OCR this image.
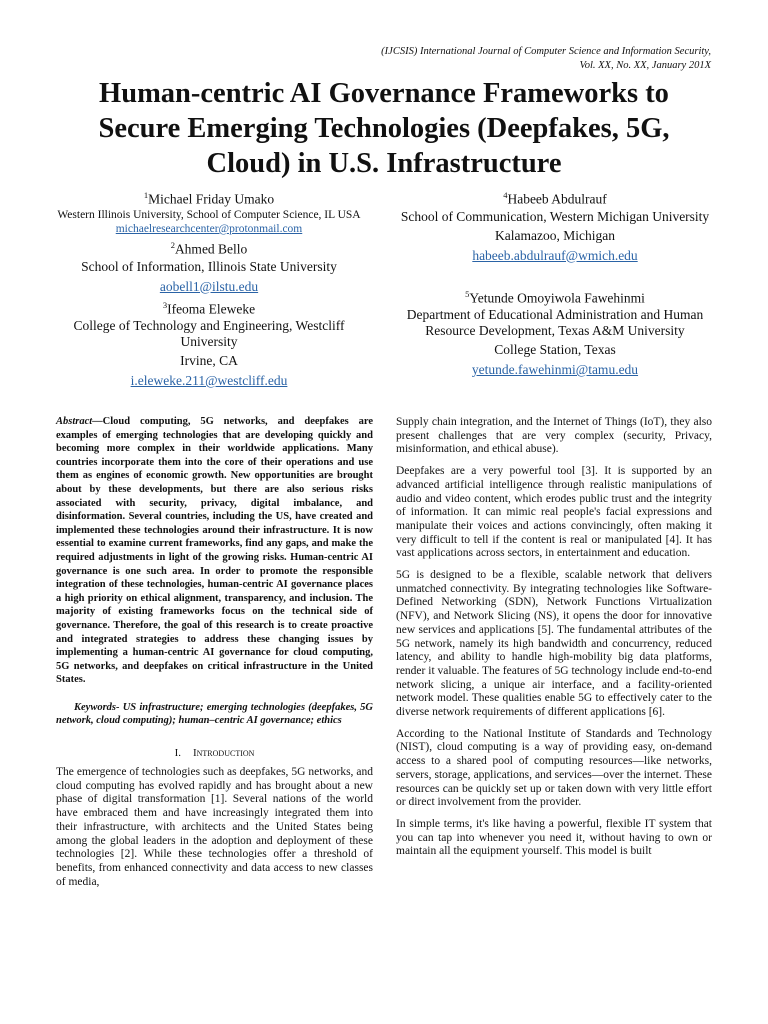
(IJCSIS) International Journal of Computer Science and Information Security,
Vol. XX, No. XX, January 201X
Human-centric AI Governance Frameworks to Secure Emerging Technologies (Deepfakes, 5G, Cloud) in U.S. Infrastructure
$^1$Michael Friday Umako
Western Illinois University, School of Computer Science, IL USA
michaelresearchcenter@protonmail.com
$^2$Ahmed Bello
School of Information, Illinois State University
aobell1@ilstu.edu
$^3$Ifeoma Eleweke
College of Technology and Engineering, Westcliff University
Irvine, CA
i.eleweke.211@westcliff.edu
$^4$Habeeb Abdulrauf
School of Communication, Western Michigan University
Kalamazoo, Michigan
habeeb.abdulrauf@wmich.edu
$^5$Yetunde Omoyiwola Fawehinmi
Department of Educational Administration and Human Resource Development, Texas A&M University
College Station, Texas
yetunde.fawehinmi@tamu.edu

Abstract—Cloud computing, 5G networks, and deepfakes are examples of emerging technologies that are developing quickly and becoming more complex in their worldwide applications. Many countries incorporate them into the core of their operations and use them as engines of economic growth. New opportunities are brought about by these developments, but there are also serious risks associated with security, privacy, digital imbalance, and disinformation. Several countries, including the US, have created and implemented these technologies around their infrastructure. It is now essential to examine current frameworks, find any gaps, and make the required adjustments in light of the growing risks. Human-centric AI governance is one such area. In order to promote the responsible integration of these technologies, human-centric AI governance places a high priority on ethical alignment, transparency, and inclusion. The majority of existing frameworks focus on the technical side of governance. Therefore, the goal of this research is to create proactive and integrated strategies to address these changing issues by implementing a human-centric AI governance for cloud computing, 5G networks, and deepfakes on critical infrastructure in the United States.

Keywords- US infrastructure; emerging technologies (deepfakes, 5G network, cloud computing); human–centric AI governance; ethics

I. Introduction

The emergence of technologies such as deepfakes, 5G networks, and cloud computing has evolved rapidly and has brought about a new phase of digital transformation [1]. Several nations of the world have embraced them and have increasingly integrated them into their infrastructure, with architects and the United States being among the global leaders in the adoption and deployment of these technologies [2]. While these technologies offer a threshold of benefits, from enhanced connectivity and data access to new classes of media,

Supply chain integration, and the Internet of Things (IoT), they also present challenges that are very complex (security, Privacy, misinformation, and ethical abuse).

Deepfakes are a very powerful tool [3]. It is supported by an advanced artificial intelligence through realistic manipulations of audio and video content, which erodes public trust and the integrity of information. It can mimic real people's facial expressions and manipulate their voices and actions convincingly, often making it very difficult to tell if the content is real or manipulated [4]. It has vast applications across sectors, in entertainment and education.

5G is designed to be a flexible, scalable network that delivers unmatched connectivity. By integrating technologies like Software-Defined Networking (SDN), Network Functions Virtualization (NFV), and Network Slicing (NS), it opens the door for innovative new services and applications [5]. The fundamental attributes of the 5G network, namely its high bandwidth and concurrency, reduced latency, and ability to handle high-mobility big data platforms, render it valuable. The features of 5G technology include end-to-end network slicing, a unique air interface, and a facility-oriented network model. These qualities enable 5G to effectively cater to the diverse network requirements of different applications [6].

According to the National Institute of Standards and Technology (NIST), cloud computing is a way of providing easy, on-demand access to a shared pool of computing resources—like networks, servers, storage, applications, and services—over the internet. These resources can be quickly set up or taken down with very little effort or direct involvement from the provider.

In simple terms, it's like having a powerful, flexible IT system that you can tap into whenever you need it, without having to own or maintain all the equipment yourself. This model is built
